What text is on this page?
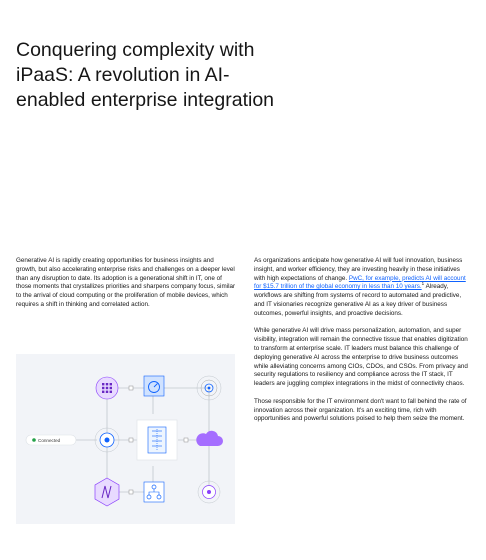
Conquering complexity with iPaaS: A revolution in AI-enabled enterprise integration

Generative AI is rapidly creating opportunities for business insights and growth, but also accelerating enterprise risks and challenges on a deeper level than any disruption to date. Its adoption is a generational shift in IT, one of those moments that crystallizes priorities and sharpens company focus, similar to the arrival of cloud computing or the proliferation of mobile devices, which requires a shift in thinking and correlated action.

As organizations anticipate how generative AI will fuel innovation, business insight, and worker efficiency, they are investing heavily in these initiatives with high expectations of change. PwC, for example, predicts AI will account for $15.7 trillion of the global economy in less than 10 years.$^1$ Already, workflows are shifting from systems of record to automated and predictive, and IT visionaries recognize generative AI as a key driver of business outcomes, powerful insights, and proactive decisions.

While generative AI will drive mass personalization, automation, and super visibility, integration will remain the connective tissue that enables digitization to transform at enterprise scale. IT leaders must balance this challenge of deploying generative AI across the enterprise to drive business outcomes while alleviating concerns among CIOs, CDOs, and CSOs. From privacy and security regulations to resiliency and compliance across the IT stack, IT leaders are juggling complex integrations in the midst of connectivity chaos.

Those responsible for the IT environment don't want to fall behind the rate of innovation across their organization. It's an exciting time, rich with opportunities and powerful solutions poised to help them seize the moment.

Connected
